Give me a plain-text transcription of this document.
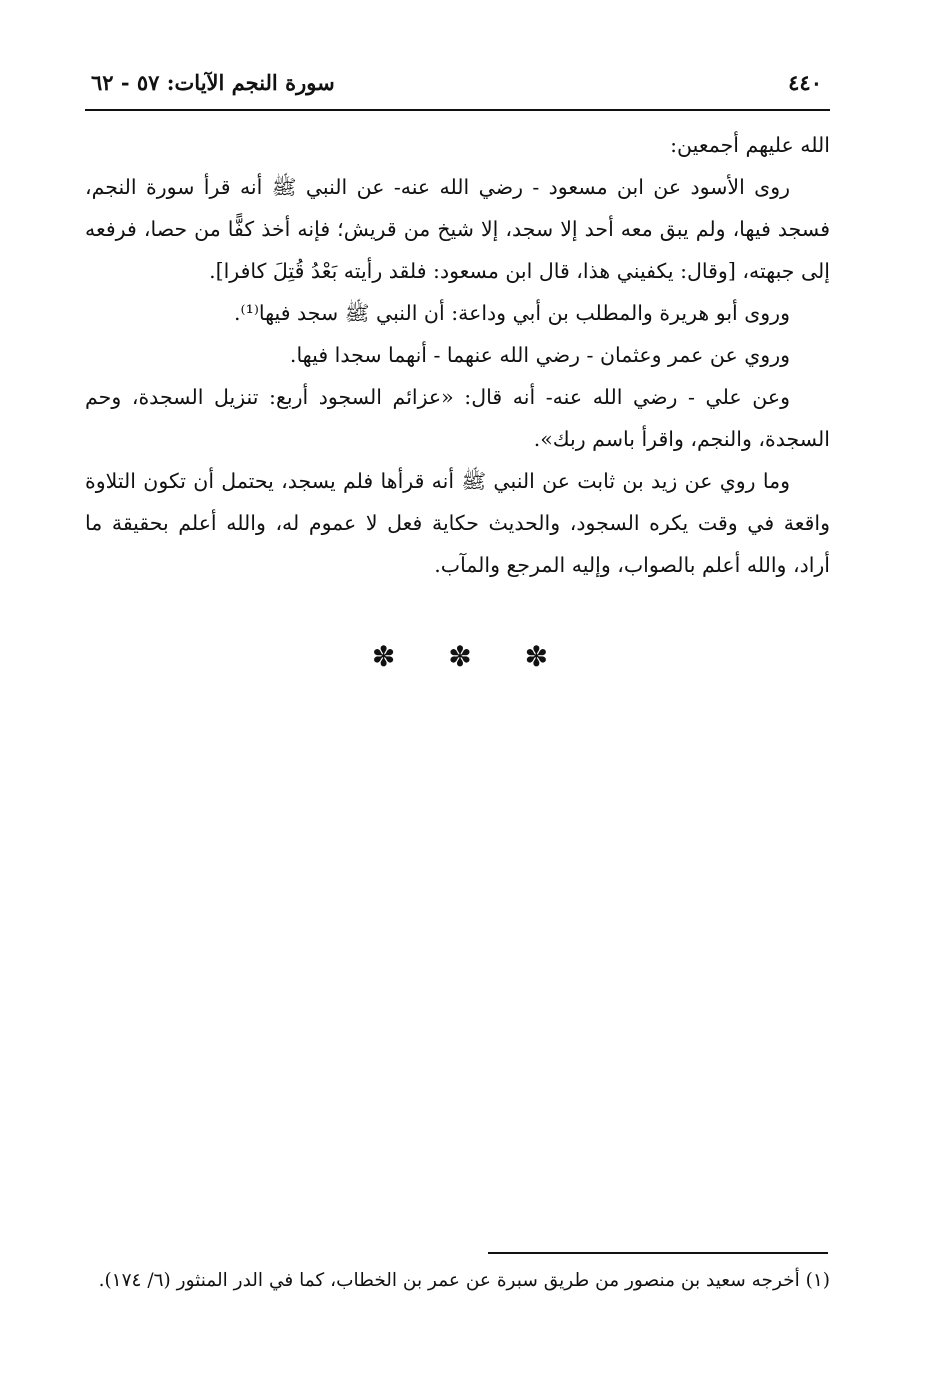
٤٤٠
سورة النجم الآيات: ٥٧ - ٦٢

الله عليهم أجمعين:

روى الأسود عن ابن مسعود - رضي الله عنه- عن النبي ﷺ أنه قرأ سورة النجم، فسجد فيها، ولم يبق معه أحد إلا سجد، إلا شيخ من قريش؛ فإنه أخذ كفًّا من حصا، فرفعه إلى جبهته، [وقال: يكفيني هذا، قال ابن مسعود: فلقد رأيته بَعْدُ قُتِلَ كافرا].

وروى أبو هريرة والمطلب بن أبي وداعة: أن النبي ﷺ سجد فيها⁽¹⁾.

وروي عن عمر وعثمان - رضي الله عنهما - أنهما سجدا فيها.

وعن علي - رضي الله عنه- أنه قال: «عزائم السجود أربع: تنزيل السجدة، وحم السجدة، والنجم، واقرأ باسم ربك».

وما روي عن زيد بن ثابت عن النبي ﷺ أنه قرأها فلم يسجد، يحتمل أن تكون التلاوة واقعة في وقت يكره السجود، والحديث حكاية فعل لا عموم له، والله أعلم بحقيقة ما أراد، والله أعلم بالصواب، وإليه المرجع والمآب.

✽ ✽ ✽
(١) أخرجه سعيد بن منصور من طريق سبرة عن عمر بن الخطاب، كما في الدر المنثور (٦/ ١٧٤).
